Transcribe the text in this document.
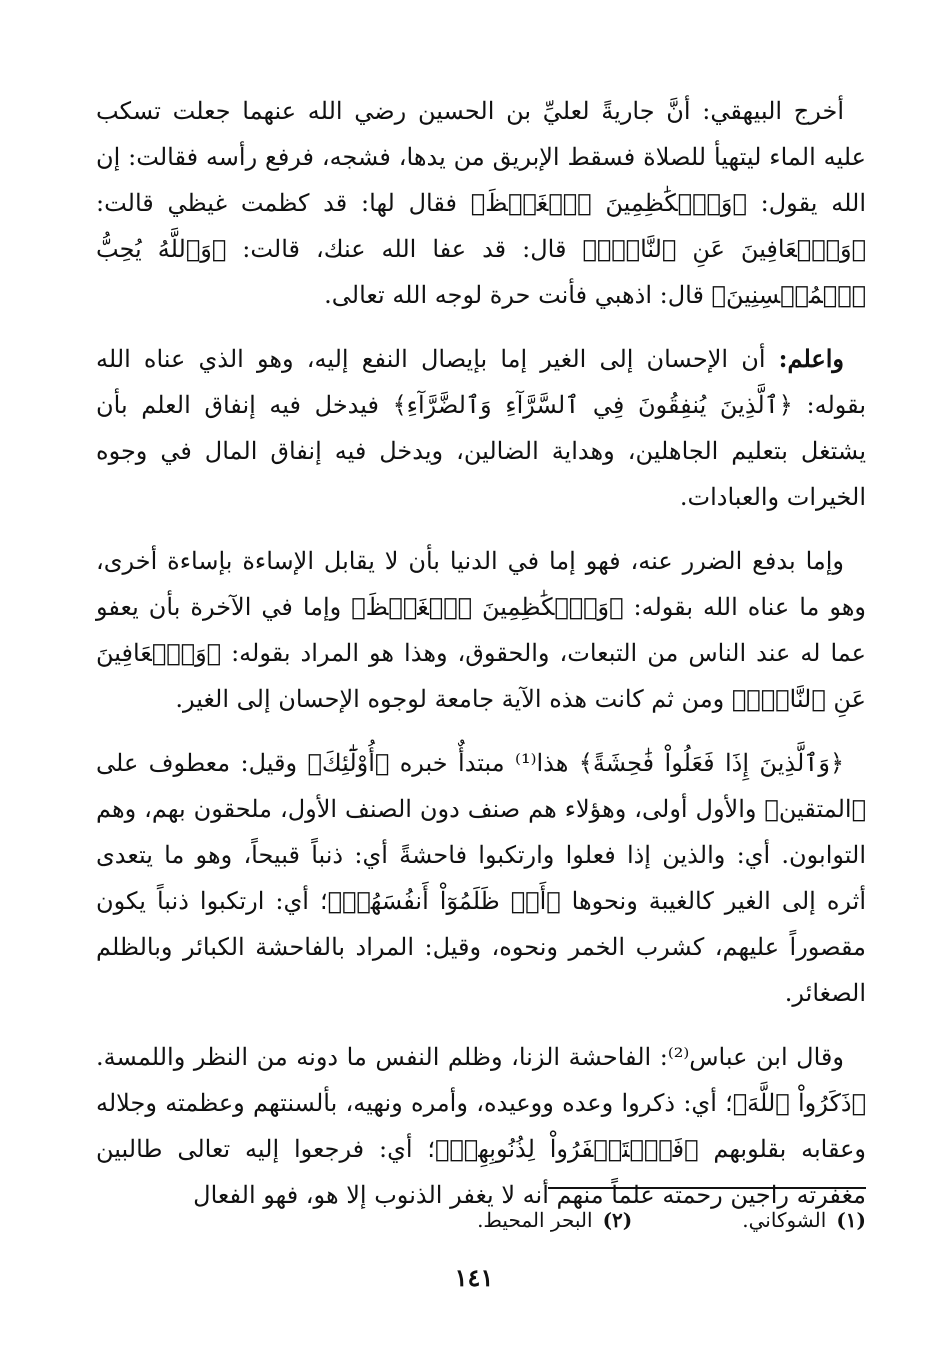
أخرج البيهقي: أنَّ جاريةً لعليِّ بن الحسين رضي الله عنهما جعلت تسكب عليه الماء ليتهيأ للصلاة فسقط الإبريق من يدها، فشجه، فرفع رأسه فقالت: إن الله يقول: ﴿وَٱلۡكَٰظِمِينَ ٱلۡغَيۡظَ﴾ فقال لها: قد كظمت غيظي قالت: ﴿وَٱلۡعَافِينَ عَنِ ٱلنَّاسِۗ﴾ قال: قد عفا الله عنك، قالت: ﴿وَٱللَّهُ يُحِبُّ ٱلۡمُحۡسِنِينَ﴾ قال: اذهبي فأنت حرة لوجه الله تعالى.

واعلم: أن الإحسان إلى الغير إما بإيصال النفع إليه، وهو الذي عناه الله بقوله: ﴿ٱلَّذِينَ يُنفِقُونَ فِي ٱلسَّرَّآءِ وَٱلضَّرَّآءِ﴾ فيدخل فيه إنفاق العلم بأن يشتغل بتعليم الجاهلين، وهداية الضالين، ويدخل فيه إنفاق المال في وجوه الخيرات والعبادات.

وإما بدفع الضرر عنه، فهو إما في الدنيا بأن لا يقابل الإساءة بإساءة أخرى، وهو ما عناه الله بقوله: ﴿وَٱلۡكَٰظِمِينَ ٱلۡغَيۡظَ﴾ وإما في الآخرة بأن يعفو عما له عند الناس من التبعات، والحقوق، وهذا هو المراد بقوله: ﴿وَٱلۡعَافِينَ عَنِ ٱلنَّاسِۗ﴾ ومن ثم كانت هذه الآية جامعة لوجوه الإحسان إلى الغير.

﴿وَٱلَّذِينَ إِذَا فَعَلُواْ فَٰحِشَةً﴾ هذا⁽¹⁾ مبتدأٌ خبره ﴿أُوْلَٰٓئِكَ﴾ وقيل: معطوف على ﴿المتقين﴾ والأول أولى، وهؤلاء هم صنف دون الصنف الأول، ملحقون بهم، وهم التوابون. أي: والذين إذا فعلوا وارتكبوا فاحشةً أي: ذنباً قبيحاً، وهو ما يتعدى أثره إلى الغير كالغيبة ونحوها ﴿أَوۡ ظَلَمُوٓاْ أَنفُسَهُمۡ﴾؛ أي: ارتكبوا ذنباً يكون مقصوراً عليهم، كشرب الخمر ونحوه، وقيل: المراد بالفاحشة الكبائر وبالظلم الصغائر.

وقال ابن عباس⁽²⁾: الفاحشة الزنا، وظلم النفس ما دونه من النظر واللمسة. ﴿ذَكَرُواْ ٱللَّهَ﴾؛ أي: ذكروا وعده ووعيده، وأمره ونهيه، بألسنتهم وعظمته وجلاله وعقابه بقلوبهم ﴿فَٱسۡتَغۡفَرُواْ لِذُنُوبِهِمۡ﴾؛ أي: فرجعوا إليه تعالى طالبين مغفرته راجين رحمته علماً منهم أنه لا يغفر الذنوب إلا هو، فهو الفعال

(١)الشوكاني.
(٢)البحر المحيط.
١٤١
